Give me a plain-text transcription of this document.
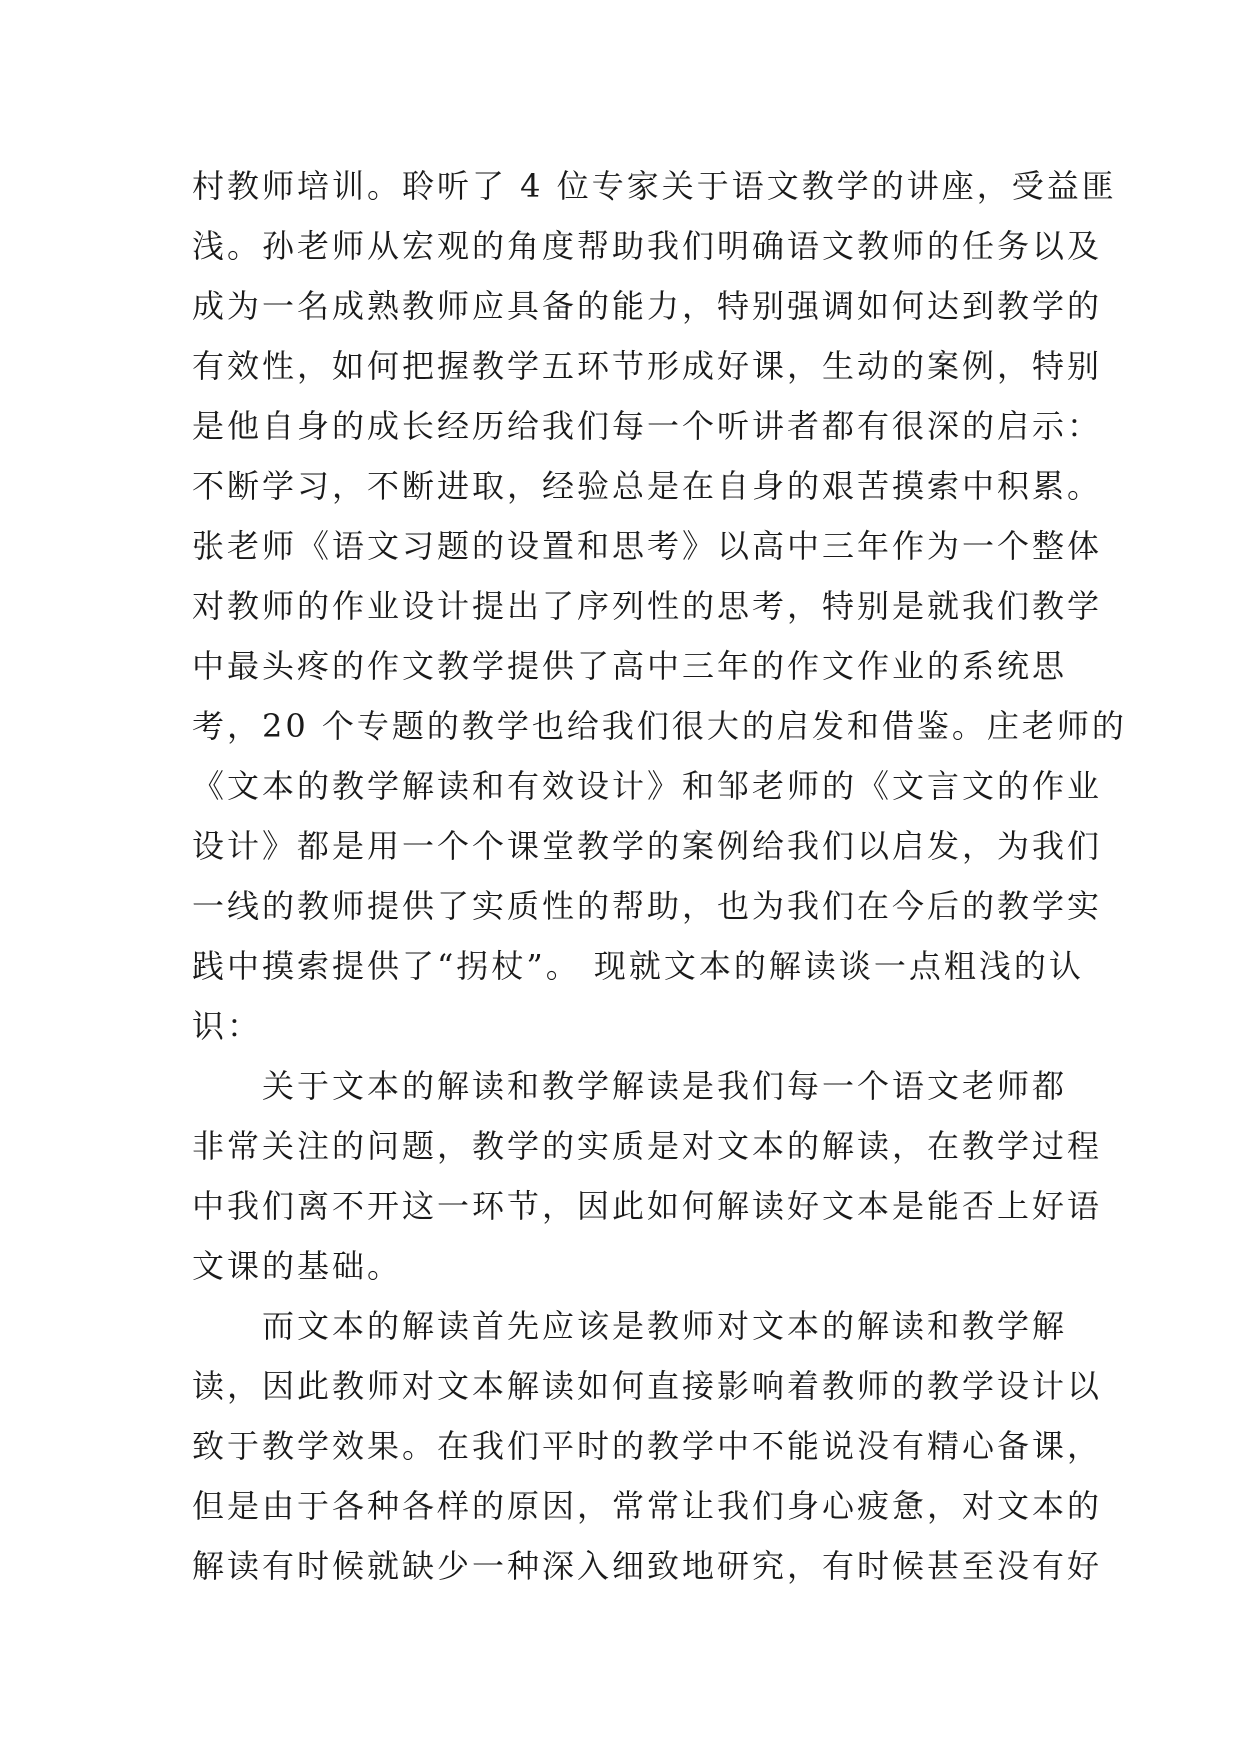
村教师培训。聆听了 4 位专家关于语文教学的讲座，受益匪
浅。孙老师从宏观的角度帮助我们明确语文教师的任务以及
成为一名成熟教师应具备的能力，特别强调如何达到教学的
有效性，如何把握教学五环节形成好课，生动的案例，特别
是他自身的成长经历给我们每一个听讲者都有很深的启示：
不断学习，不断进取，经验总是在自身的艰苦摸索中积累。
张老师《语文习题的设置和思考》以高中三年作为一个整体
对教师的作业设计提出了序列性的思考，特别是就我们教学
中最头疼的作文教学提供了高中三年的作文作业的系统思
考，20 个专题的教学也给我们很大的启发和借鉴。庄老师的
《文本的教学解读和有效设计》和邹老师的《文言文的作业
设计》都是用一个个课堂教学的案例给我们以启发，为我们
一线的教师提供了实质性的帮助，也为我们在今后的教学实
践中摸索提供了“拐杖”。 现就文本的解读谈一点粗浅的认
识：
关于文本的解读和教学解读是我们每一个语文老师都
非常关注的问题，教学的实质是对文本的解读，在教学过程
中我们离不开这一环节，因此如何解读好文本是能否上好语
文课的基础。
而文本的解读首先应该是教师对文本的解读和教学解
读，因此教师对文本解读如何直接影响着教师的教学设计以
致于教学效果。在我们平时的教学中不能说没有精心备课，
但是由于各种各样的原因，常常让我们身心疲惫，对文本的
解读有时候就缺少一种深入细致地研究，有时候甚至没有好
